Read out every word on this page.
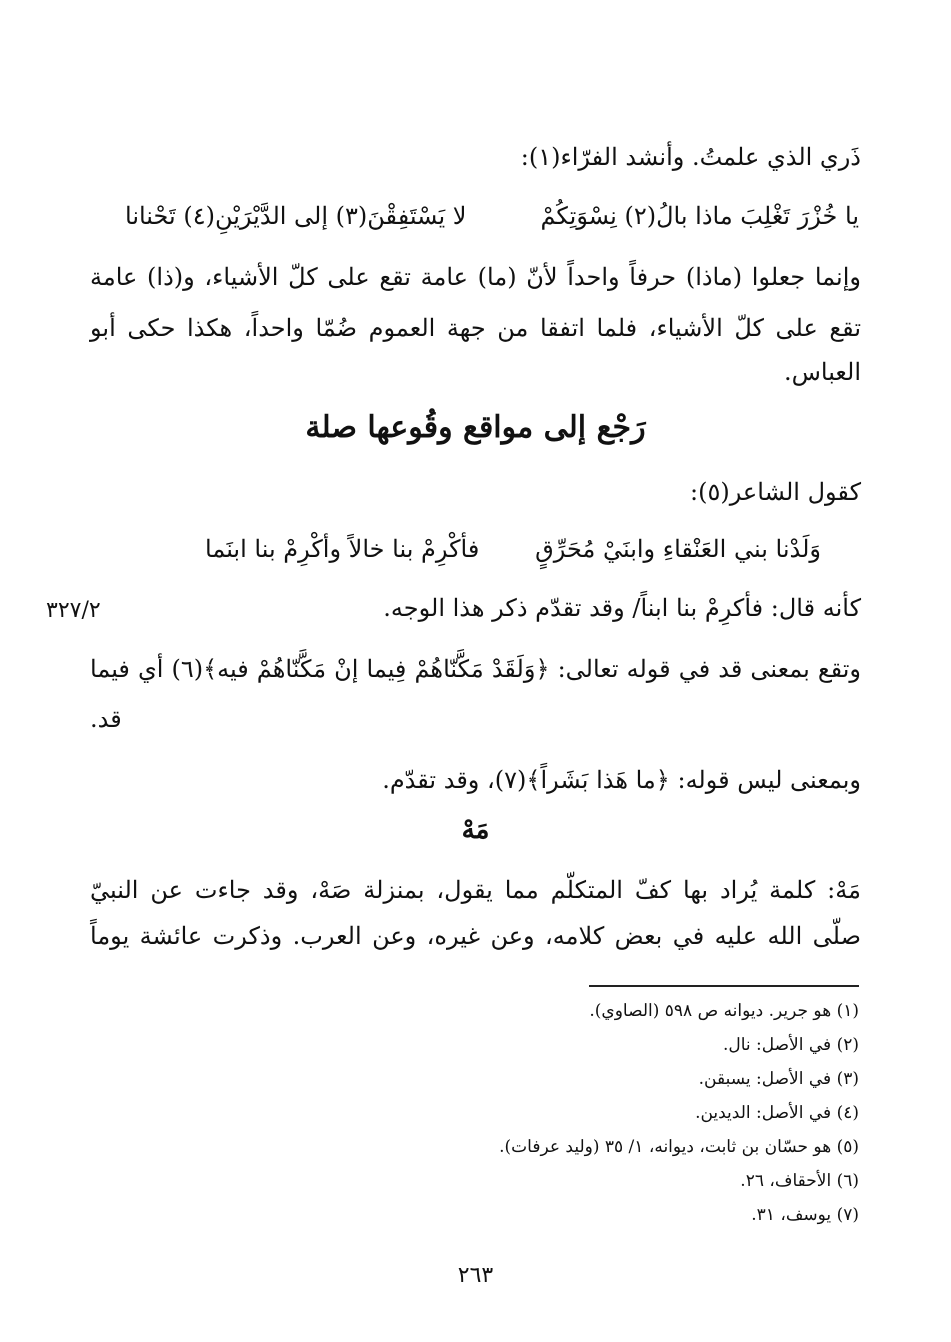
ذَري الذي علمتُ. وأنشد الفرّاء(١):
يا خُزْرَ تَغْلِبَ ماذا بالُ(٢) نِسْوَتِكُمْ
لا يَسْتَفِقْنَ(٣) إلى الدَّيْرَيْنِ(٤) تَحْنانا
وإنما جعلوا (ماذا) حرفاً واحداً لأنّ (ما) عامة تقع على كلّ الأشياء، و(ذا) عامة
تقع على كلّ الأشياء، فلما اتفقا من جهة العموم ضُمّا واحداً، هكذا حكى أبو
العباس.
رَجْع إلى مواقع وقُوعها صلة
كقول الشاعر(٥):
وَلَدْنا بني العَنْقاءِ وابنَيْ مُحَرِّقٍ
فأكْرِمْ بنا خالاً وأكْرِمْ بنا ابنَما
كأنه قال: فأكرِمْ بنا ابناً/ وقد تقدّم ذكر هذا الوجه.
٣٢٧/٢
وتقع بمعنى قد في قوله تعالى: ﴿وَلَقَدْ مَكَّنّاهُمْ فِيما إنْ مَكَّنّاهُمْ فيه﴾(٦) أي فيما
قد.
وبمعنى ليس قوله: ﴿ما هَذا بَشَراً﴾(٧)، وقد تقدّم.
مَهْ
مَهْ: كلمة يُراد بها كفّ المتكلّم مما يقول، بمنزلة صَهْ، وقد جاءت عن النبيّ
صلّى الله عليه في بعض كلامه، وعن غيره، وعن العرب. وذكرت عائشة يوماً
(١) هو جرير. ديوانه ص ٥٩٨ (الصاوي).
(٢) في الأصل: نال.
(٣) في الأصل: يسبقن.
(٤) في الأصل: الديدين.
(٥) هو حسّان بن ثابت، ديوانه، ١/ ٣٥ (وليد عرفات).
(٦) الأحقاف، ٢٦.
(٧) يوسف، ٣١.
٢٦٣
